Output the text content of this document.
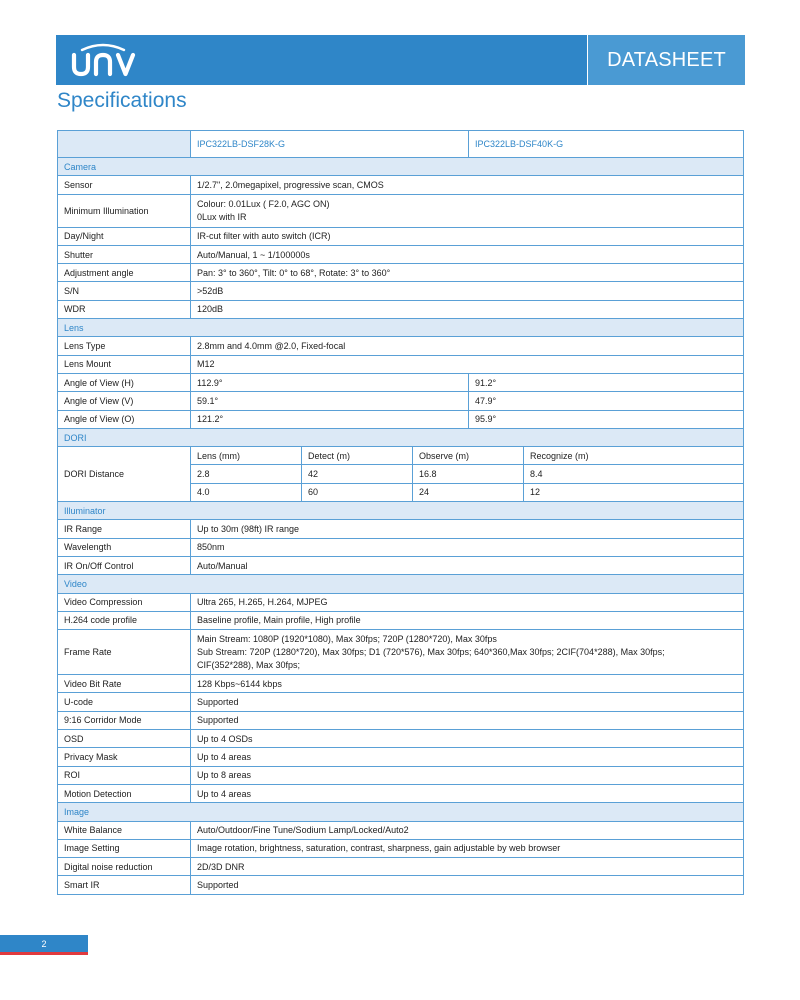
DATASHEET
Specifications
	IPC322LB-DSF28K-G			IPC322LB-DSF40K-G		
Camera						
Sensor	1/2.7", 2.0megapixel, progressive scan, CMOS					
Minimum Illumination	Colour: 0.01Lux ( F2.0, AGC ON)
0Lux with IR					

Day/Night	IR-cut filter with auto switch (ICR)					
Shutter	Auto/Manual, 1 ~ 1/100000s					
Adjustment angle	Pan: 3° to 360°, Tilt: 0° to 68°, Rotate: 3° to 360°					
S/N	>52dB					
WDR	120dB					
Lens						
Lens Type	2.8mm and 4.0mm @2.0, Fixed-focal					
Lens Mount	M12					
Angle of View (H)	112.9°			91.2°		
Angle of View (V)	59.1°			47.9°		
Angle of View (O)	121.2°			95.9°		
DORI						
DORI Distance	Lens (mm)	Detect (m)	Observe (m)		Recognize (m)	
	2.8	42	16.8		8.4	
	4.0	60	24		12	
Illuminator						
IR Range	Up to 30m (98ft) IR range					
Wavelength	850nm					
IR On/Off Control	Auto/Manual					
Video						
Video Compression	Ultra 265, H.265, H.264, MJPEG					
H.264 code profile	Baseline profile, Main profile, High profile					
Frame Rate	Main Stream: 1080P (1920*1080), Max 30fps; 720P (1280*720), Max 30fps
Sub Stream: 720P (1280*720), Max 30fps; D1 (720*576), Max 30fps; 640*360,Max 30fps; 2CIF(704*288), Max 30fps;
CIF(352*288), Max 30fps;					

Video Bit Rate	128 Kbps~6144 kbps					
U-code	Supported					
9:16 Corridor Mode	Supported					
OSD	Up to 4 OSDs					
Privacy Mask	Up to 4 areas					
ROI	Up to 8 areas					
Motion Detection	Up to 4 areas					
Image						
White Balance	Auto/Outdoor/Fine Tune/Sodium Lamp/Locked/Auto2					
Image Setting	Image rotation, brightness, saturation, contrast, sharpness, gain adjustable by web browser					
Digital noise reduction	2D/3D DNR					
Smart IR	Supported					
2
